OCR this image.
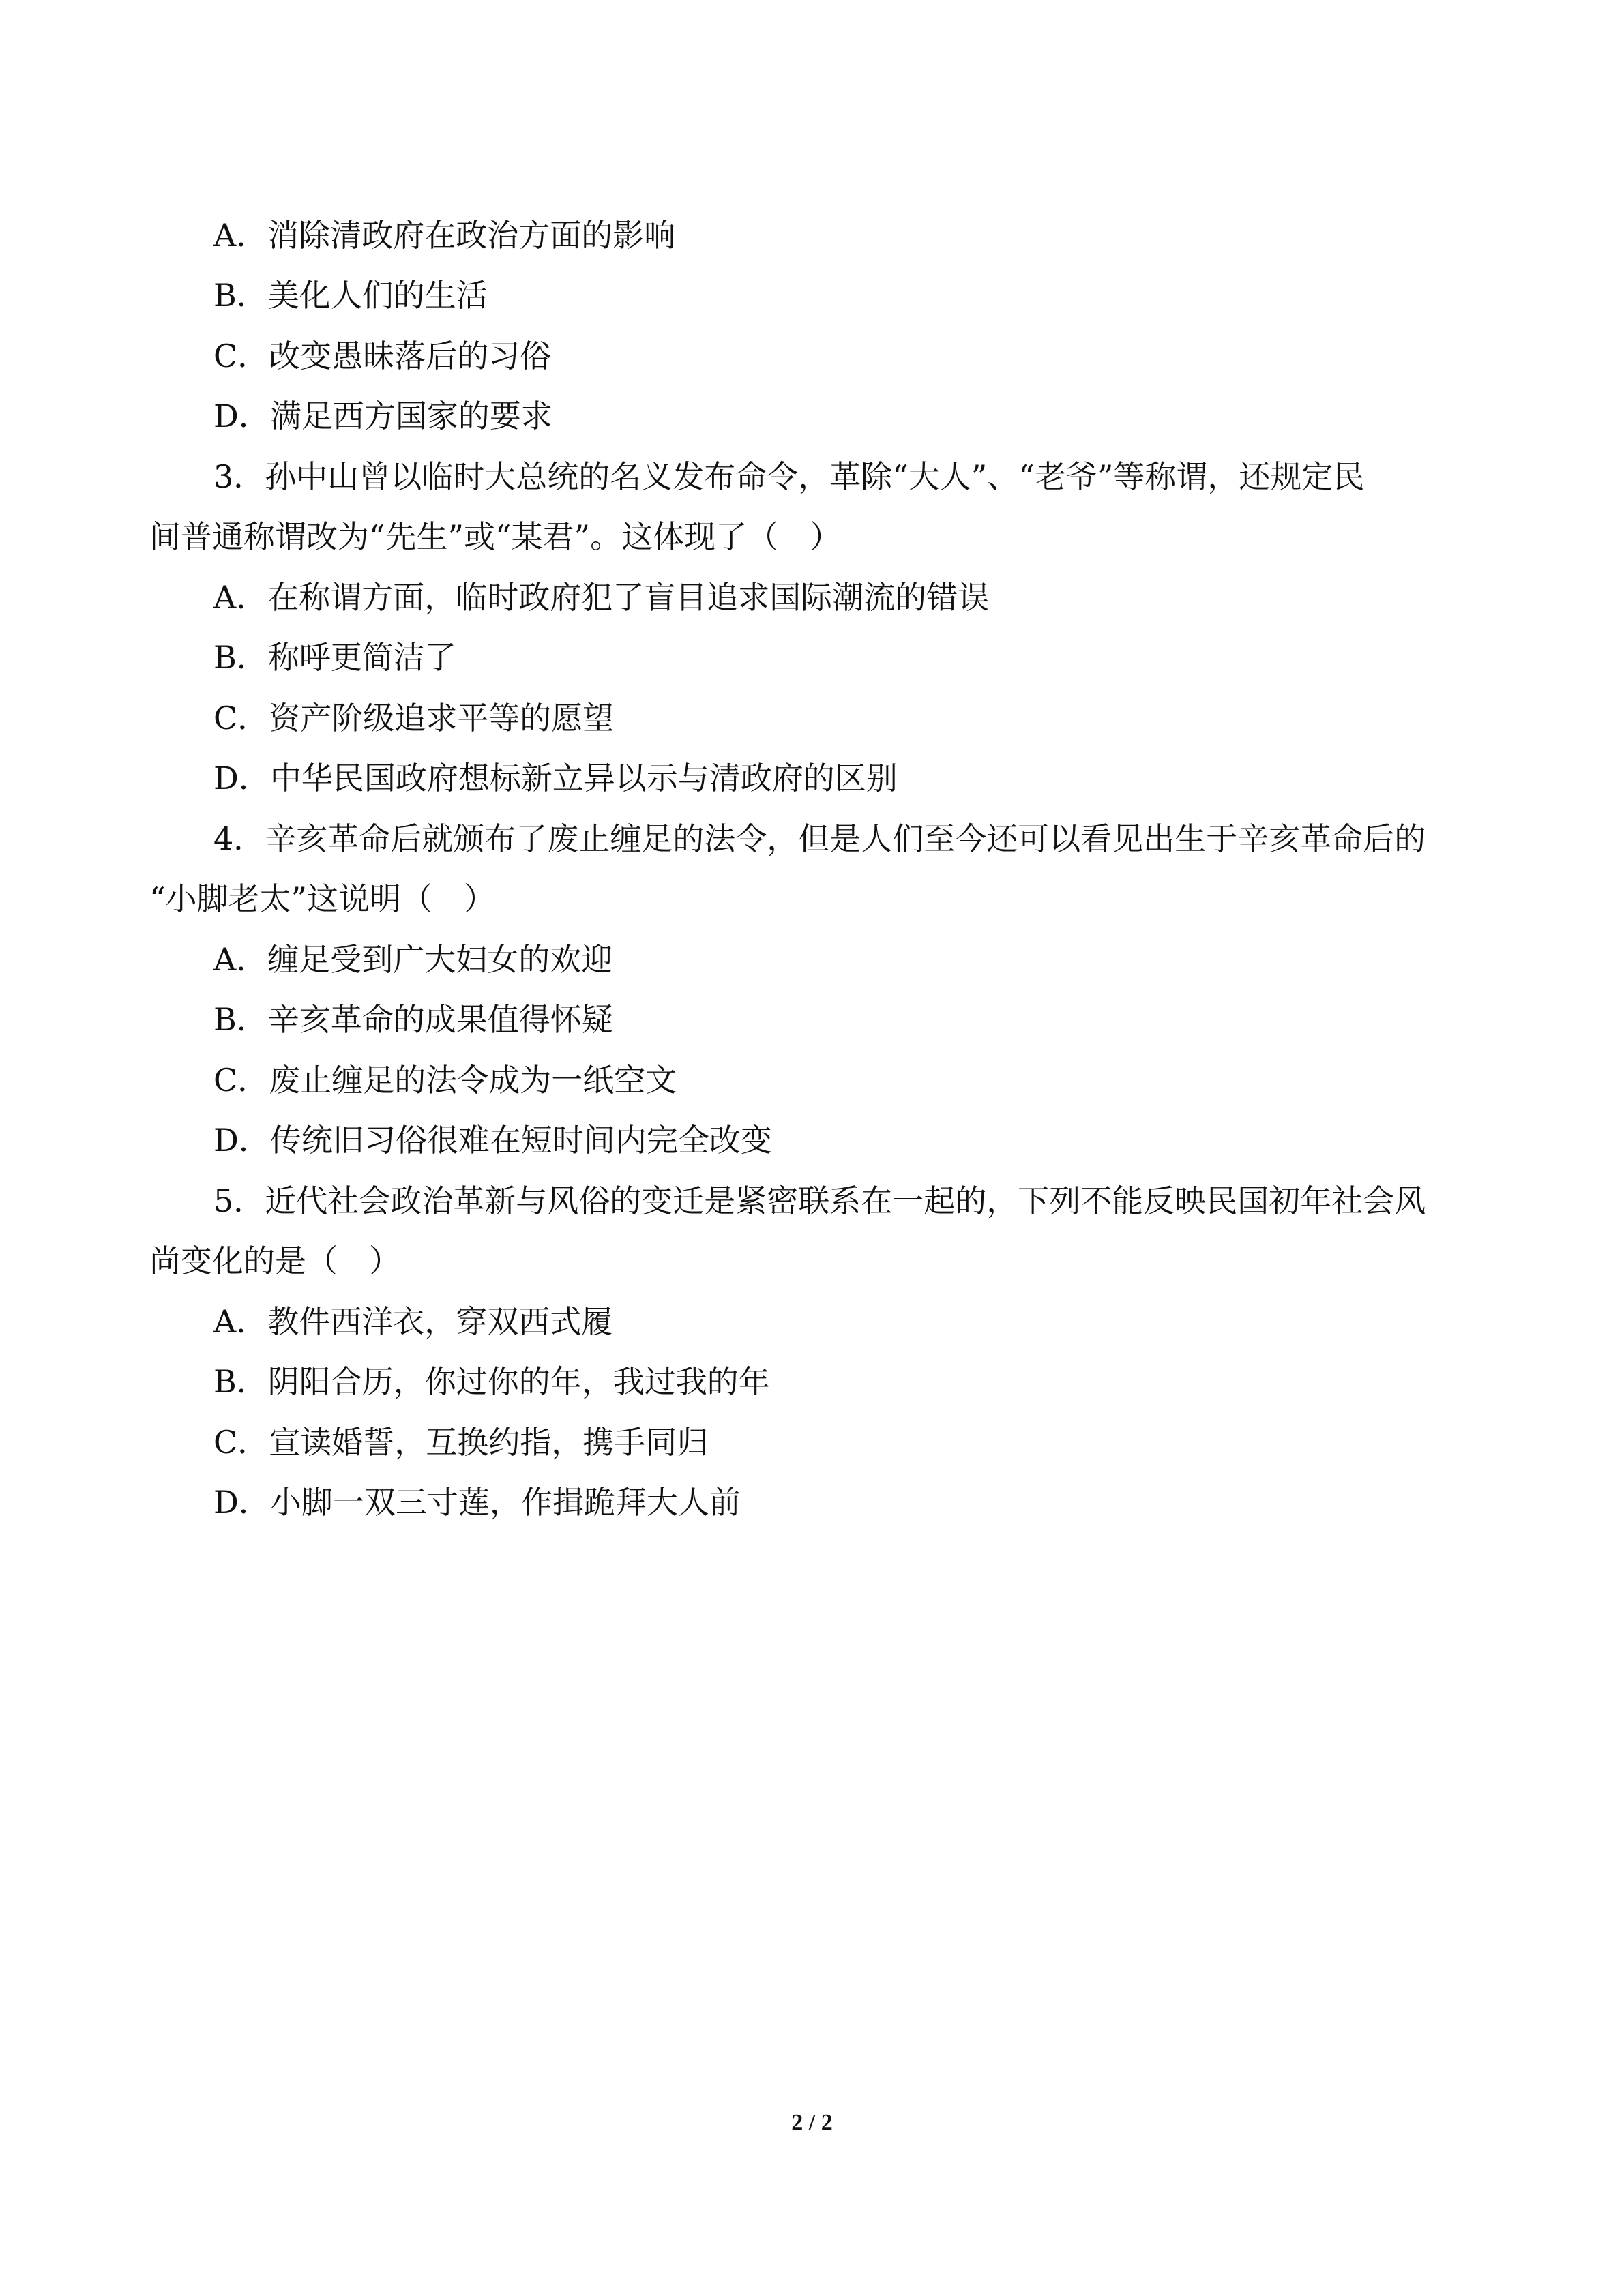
A．消除清政府在政治方面的影响
B．美化人们的生活
C．改变愚昧落后的习俗
D．满足西方国家的要求
3．孙中山曾以临时大总统的名义发布命令，革除“大人”、“老爷”等称谓，还规定民
间普通称谓改为“先生”或“某君”。这体现了（　）
A．在称谓方面，临时政府犯了盲目追求国际潮流的错误
B．称呼更简洁了
C．资产阶级追求平等的愿望
D．中华民国政府想标新立异以示与清政府的区别
4．辛亥革命后就颁布了废止缠足的法令，但是人们至今还可以看见出生于辛亥革命后的
“小脚老太”这说明（　）
A．缠足受到广大妇女的欢迎
B．辛亥革命的成果值得怀疑
C．废止缠足的法令成为一纸空文
D．传统旧习俗很难在短时间内完全改变
5．近代社会政治革新与风俗的变迁是紧密联系在一起的，下列不能反映民国初年社会风
尚变化的是（　）
A．教件西洋衣，穿双西式履
B．阴阳合历，你过你的年，我过我的年
C．宣读婚誓，互换约指，携手同归
D．小脚一双三寸莲，作揖跪拜大人前
2 / 2
